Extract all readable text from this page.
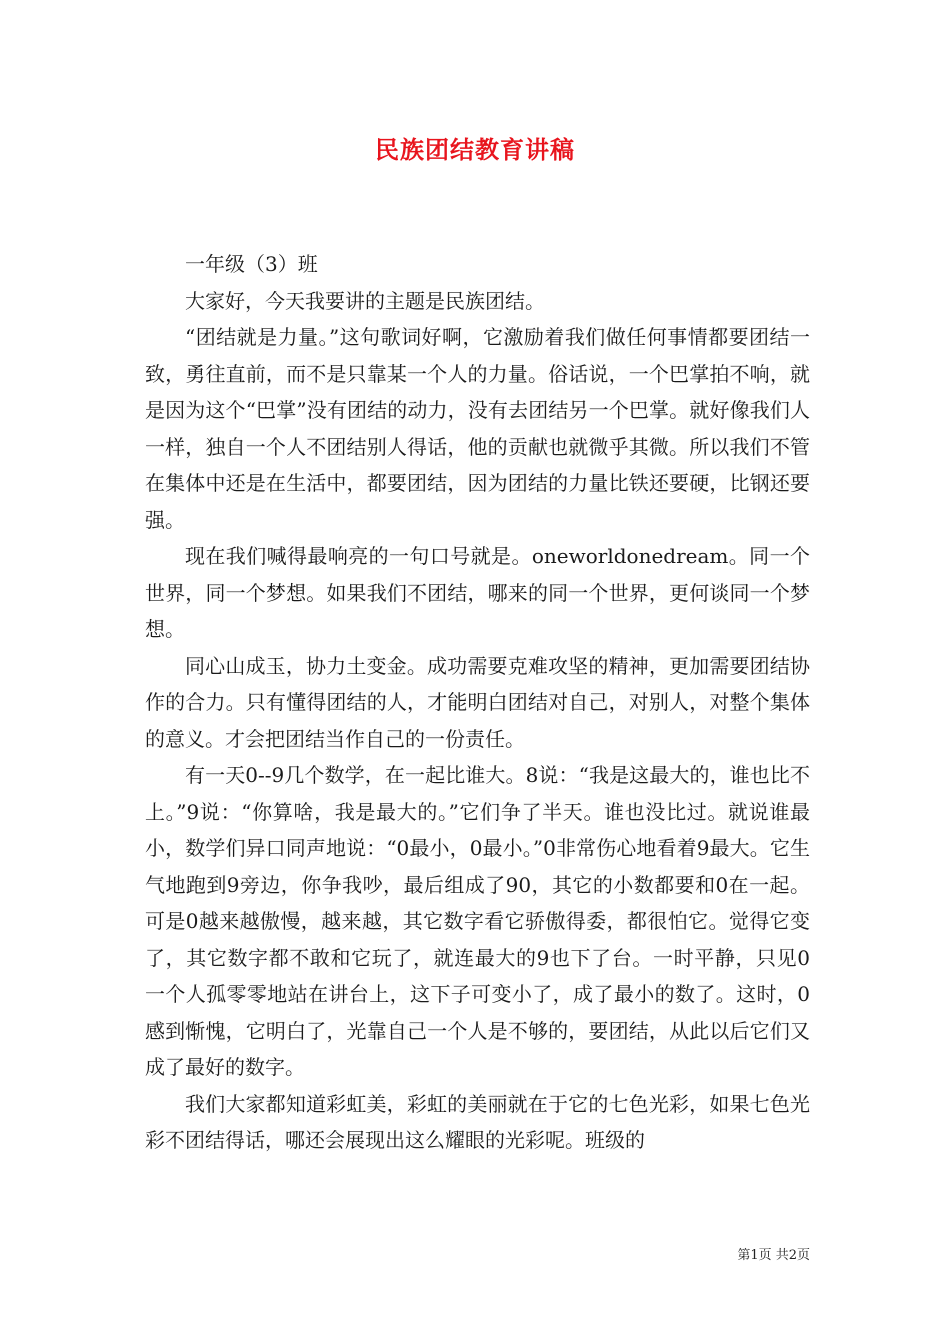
民族团结教育讲稿

一年级（3）班

大家好，今天我要讲的主题是民族团结。

“团结就是力量。”这句歌词好啊，它激励着我们做任何事情都要团结一致，勇往直前，而不是只靠某一个人的力量。俗话说，一个巴掌拍不响，就是因为这个“巴掌”没有团结的动力，没有去团结另一个巴掌。就好像我们人一样，独自一个人不团结别人得话，他的贡献也就微乎其微。所以我们不管在集体中还是在生活中，都要团结，因为团结的力量比铁还要硬，比钢还要强。

现在我们喊得最响亮的一句口号就是。oneworldonedream。同一个世界，同一个梦想。如果我们不团结，哪来的同一个世界，更何谈同一个梦想。

同心山成玉，协力土变金。成功需要克难攻坚的精神，更加需要团结协作的合力。只有懂得团结的人，才能明白团结对自己，对别人，对整个集体的意义。才会把团结当作自己的一份责任。

有一天0--9几个数学，在一起比谁大。8说：“我是这最大的，谁也比不上。”9说：“你算啥，我是最大的。”它们争了半天。谁也没比过。就说谁最小，数学们异口同声地说：“0最小，0最小。”0非常伤心地看着9最大。它生气地跑到9旁边，你争我吵，最后组成了90，其它的小数都要和0在一起。可是0越来越傲慢，越来越，其它数字看它骄傲得委，都很怕它。觉得它变了，其它数字都不敢和它玩了，就连最大的9也下了台。一时平静，只见0一个人孤零零地站在讲台上，这下子可变小了，成了最小的数了。这时，0感到惭愧，它明白了，光靠自己一个人是不够的，要团结，从此以后它们又成了最好的数字。

我们大家都知道彩虹美，彩虹的美丽就在于它的七色光彩，如果七色光彩不团结得话，哪还会展现出这么耀眼的光彩呢。班级的

第1页 共2页
